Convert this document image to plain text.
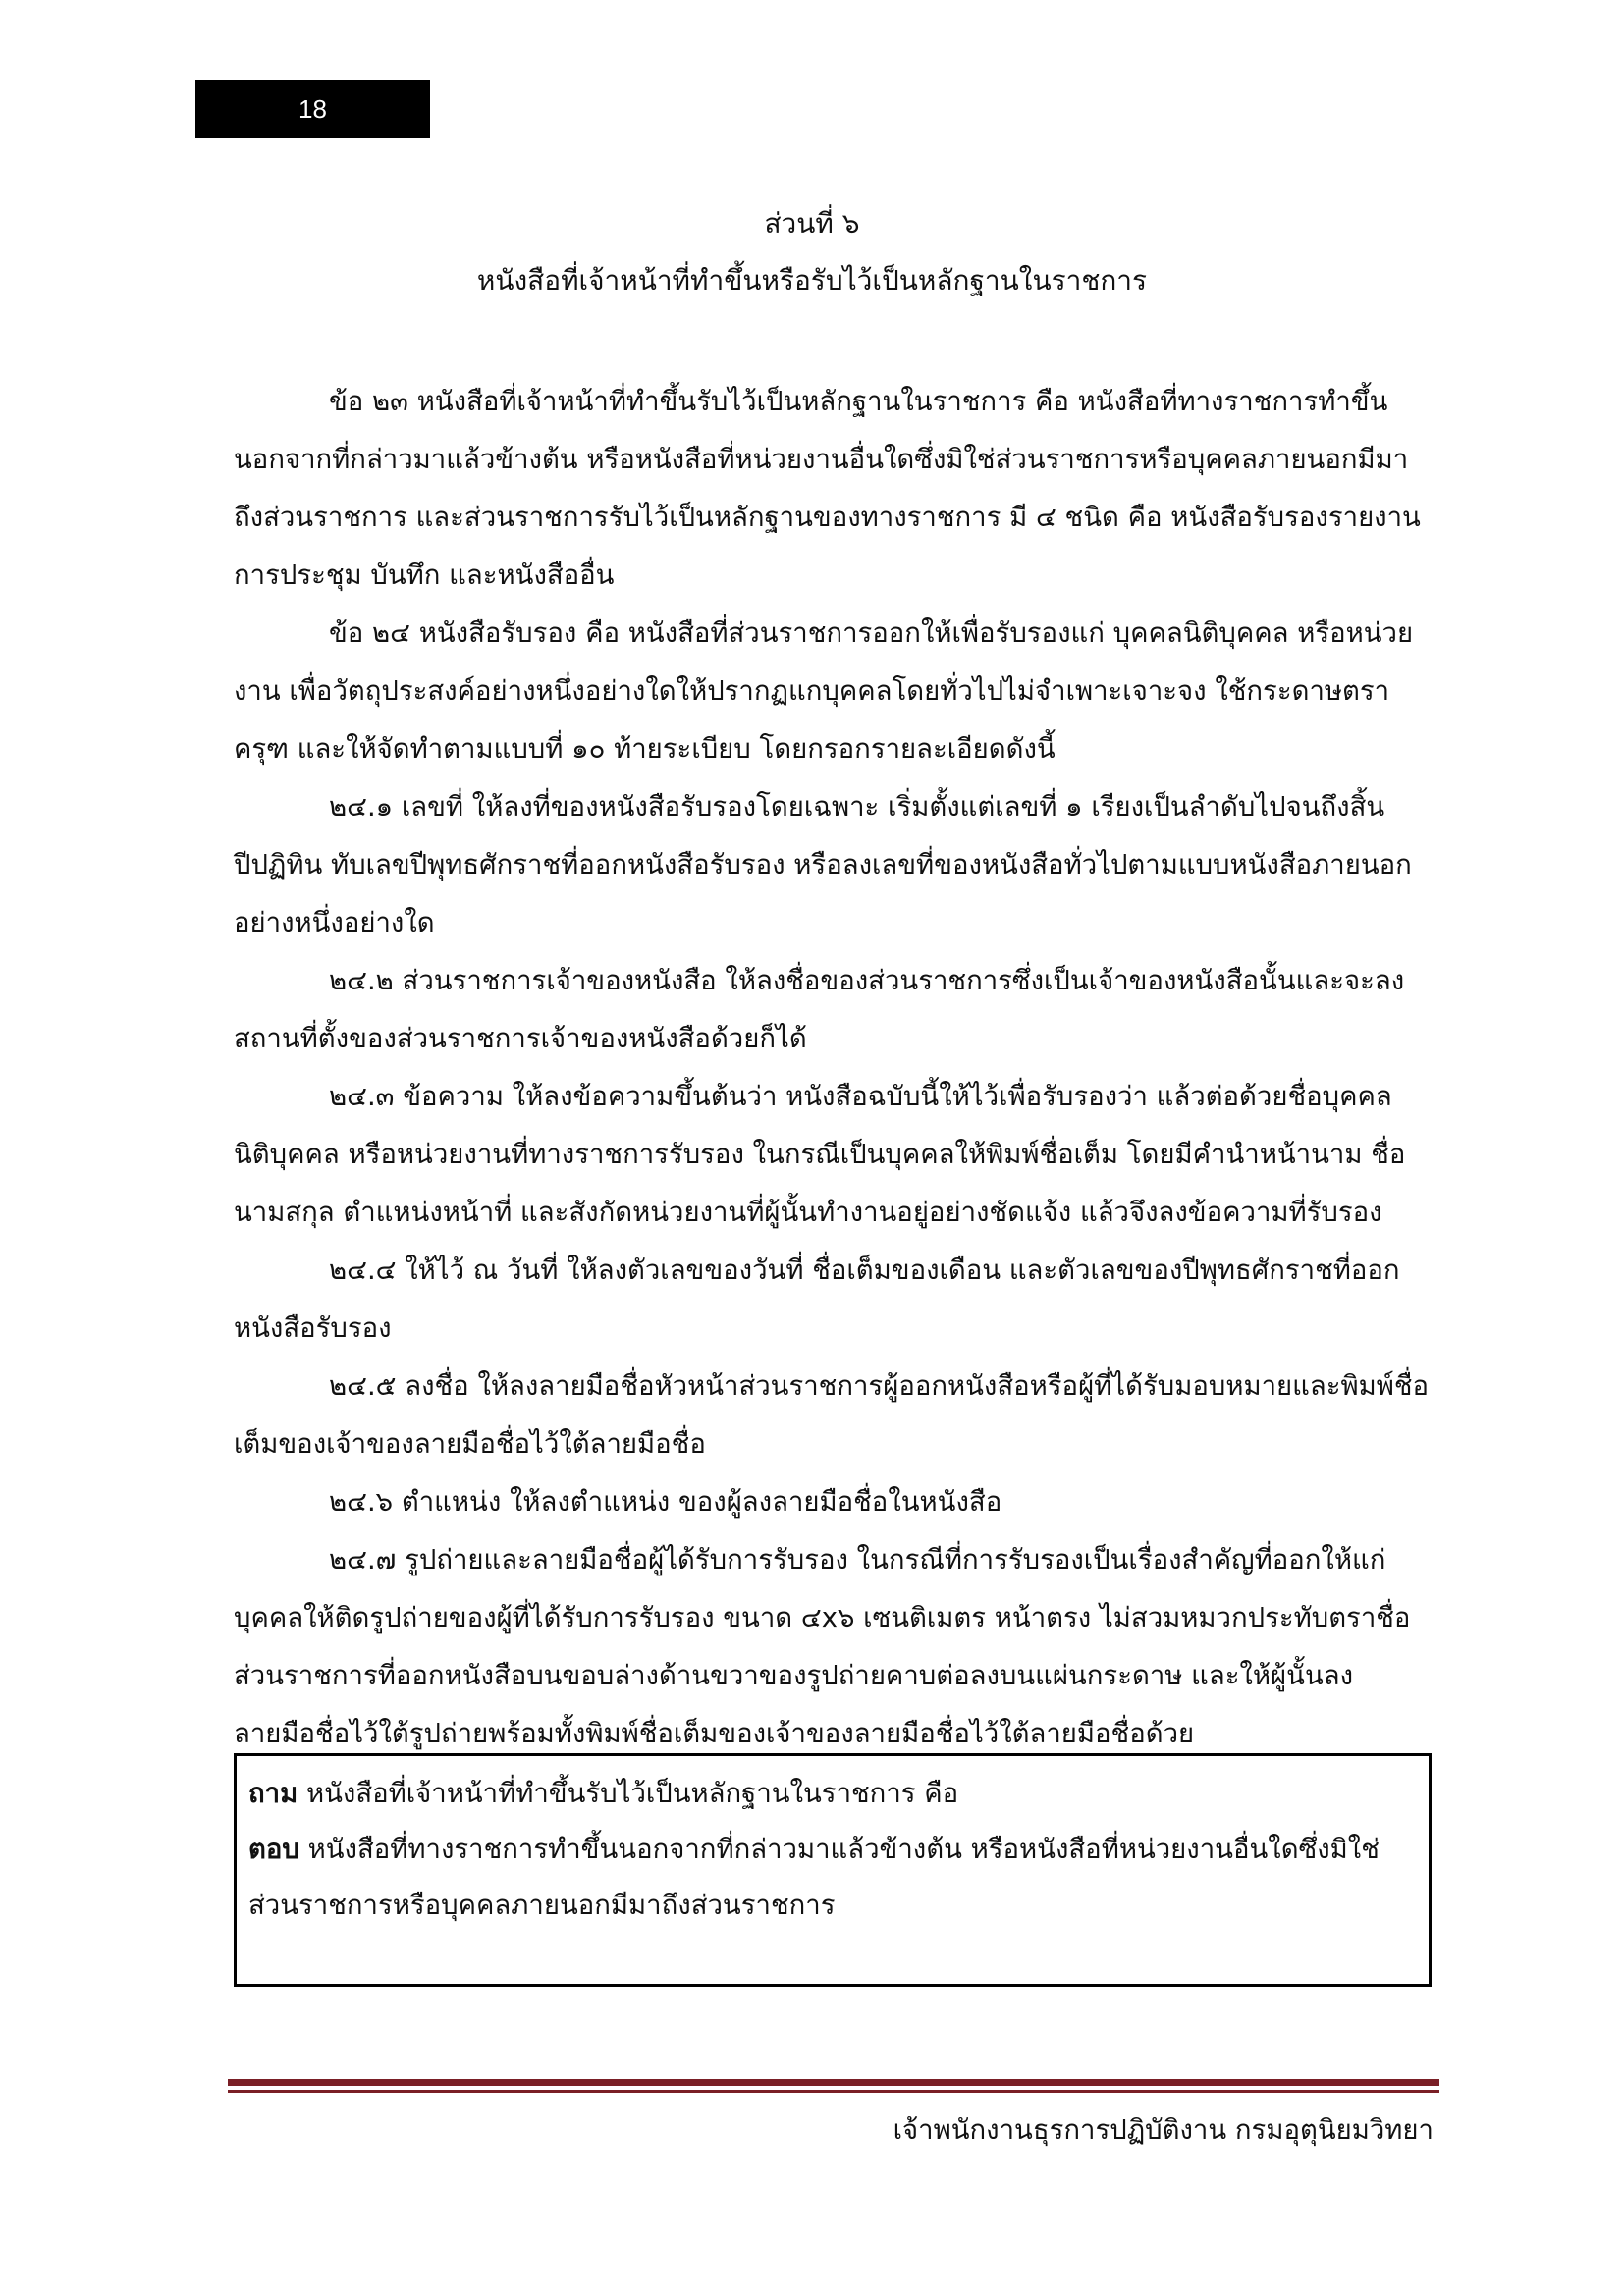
18
ส่วนที่ ๖
หนังสือที่เจ้าหน้าที่ทำขึ้นหรือรับไว้เป็นหลักฐานในราชการ

ข้อ ๒๓ หนังสือที่เจ้าหน้าที่ทำขึ้นรับไว้เป็นหลักฐานในราชการ คือ หนังสือที่ทางราชการทำขึ้นนอกจากที่กล่าวมาแล้วข้างต้น หรือหนังสือที่หน่วยงานอื่นใดซึ่งมิใช่ส่วนราชการหรือบุคคลภายนอกมีมาถึงส่วนราชการ และส่วนราชการรับไว้เป็นหลักฐานของทางราชการ มี ๔ ชนิด คือ หนังสือรับรองรายงานการประชุม บันทึก และหนังสืออื่น

ข้อ ๒๔ หนังสือรับรอง คือ หนังสือที่ส่วนราชการออกให้เพื่อรับรองแก่ บุคคลนิติบุคคล หรือหน่วยงาน เพื่อวัตถุประสงค์อย่างหนึ่งอย่างใดให้ปรากฏแกบุคคลโดยทั่วไปไม่จำเพาะเจาะจง ใช้กระดาษตราครุฑ และให้จัดทำตามแบบที่ ๑๐ ท้ายระเบียบ โดยกรอกรายละเอียดดังนี้

๒๔.๑ เลขที่ ให้ลงที่ของหนังสือรับรองโดยเฉพาะ เริ่มตั้งแต่เลขที่ ๑ เรียงเป็นลำดับไปจนถึงสิ้นปีปฏิทิน ทับเลขปีพุทธศักราชที่ออกหนังสือรับรอง หรือลงเลขที่ของหนังสือทั่วไปตามแบบหนังสือภายนอกอย่างหนึ่งอย่างใด

๒๔.๒ ส่วนราชการเจ้าของหนังสือ ให้ลงชื่อของส่วนราชการซึ่งเป็นเจ้าของหนังสือนั้นและจะลงสถานที่ตั้งของส่วนราชการเจ้าของหนังสือด้วยก็ได้

๒๔.๓ ข้อความ ให้ลงข้อความขึ้นต้นว่า หนังสือฉบับนี้ให้ไว้เพื่อรับรองว่า แล้วต่อด้วยชื่อบุคคล นิติบุคคล หรือหน่วยงานที่ทางราชการรับรอง ในกรณีเป็นบุคคลให้พิมพ์ชื่อเต็ม โดยมีคำนำหน้านาม ชื่อนามสกุล ตำแหน่งหน้าที่ และสังกัดหน่วยงานที่ผู้นั้นทำงานอยู่อย่างชัดแจ้ง แล้วจึงลงข้อความที่รับรอง

๒๔.๔ ให้ไว้ ณ วันที่ ให้ลงตัวเลขของวันที่ ชื่อเต็มของเดือน และตัวเลขของปีพุทธศักราชที่ออกหนังสือรับรอง

๒๔.๕ ลงชื่อ ให้ลงลายมือชื่อหัวหน้าส่วนราชการผู้ออกหนังสือหรือผู้ที่ได้รับมอบหมายและพิมพ์ชื่อเต็มของเจ้าของลายมือชื่อไว้ใต้ลายมือชื่อ

๒๔.๖ ตำแหน่ง ให้ลงตำแหน่ง ของผู้ลงลายมือชื่อในหนังสือ

๒๔.๗ รูปถ่ายและลายมือชื่อผู้ได้รับการรับรอง ในกรณีที่การรับรองเป็นเรื่องสำคัญที่ออกให้แก่บุคคลให้ติดรูปถ่ายของผู้ที่ได้รับการรับรอง ขนาด ๔x๖ เซนติเมตร หน้าตรง ไม่สวมหมวกประทับตราชื่อส่วนราชการที่ออกหนังสือบนขอบล่างด้านขวาของรูปถ่ายคาบต่อลงบนแผ่นกระดาษ และให้ผู้นั้นลงลายมือชื่อไว้ใต้รูปถ่ายพร้อมทั้งพิมพ์ชื่อเต็มของเจ้าของลายมือชื่อไว้ใต้ลายมือชื่อด้วย

ถาม หนังสือที่เจ้าหน้าที่ทำขึ้นรับไว้เป็นหลักฐานในราชการ คือ

ตอบ หนังสือที่ทางราชการทำขึ้นนอกจากที่กล่าวมาแล้วข้างต้น หรือหนังสือที่หน่วยงานอื่นใดซึ่งมิใช่ส่วนราชการหรือบุคคลภายนอกมีมาถึงส่วนราชการ

เจ้าพนักงานธุรการปฏิบัติงาน กรมอุตุนิยมวิทยา
